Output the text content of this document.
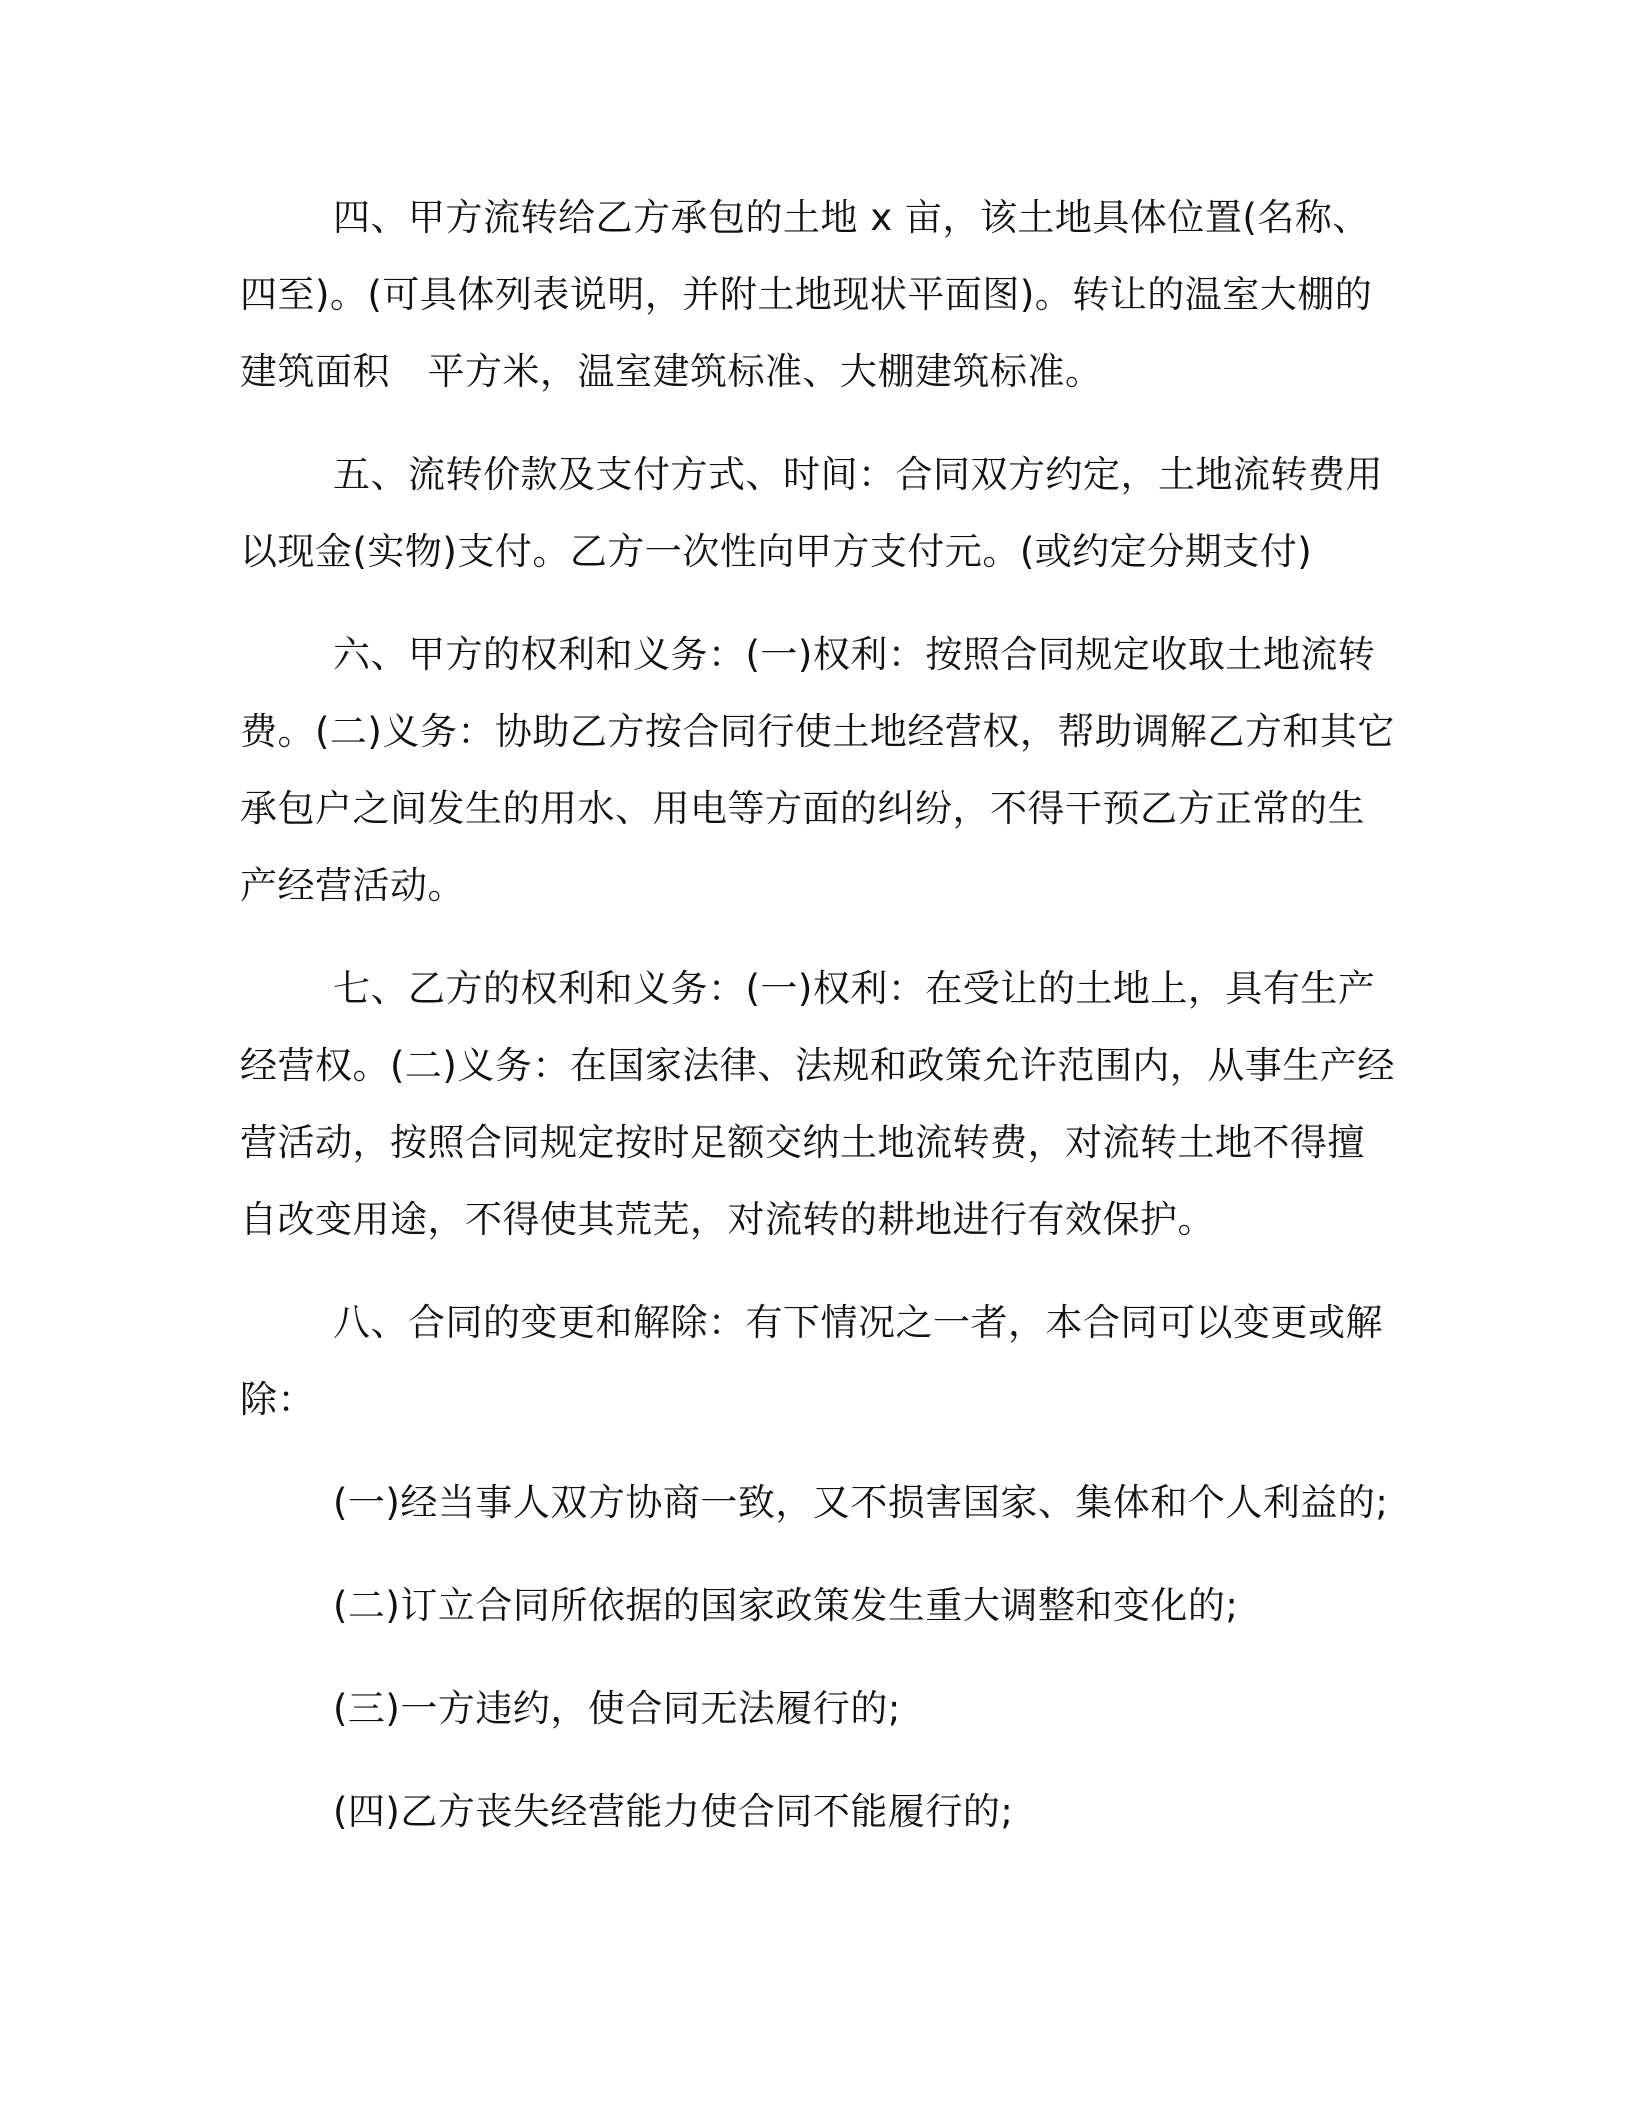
四、甲方流转给乙方承包的土地 x 亩，该土地具体位置(名称、
四至)。(可具体列表说明，并附土地现状平面图)。转让的温室大棚的
建筑面积　平方米，温室建筑标准、大棚建筑标准。
五、流转价款及支付方式、时间：合同双方约定，土地流转费用
以现金(实物)支付。乙方一次性向甲方支付元。(或约定分期支付)
六、甲方的权利和义务：(一)权利：按照合同规定收取土地流转
费。(二)义务：协助乙方按合同行使土地经营权，帮助调解乙方和其它
承包户之间发生的用水、用电等方面的纠纷，不得干预乙方正常的生
产经营活动。
七、乙方的权利和义务：(一)权利：在受让的土地上，具有生产
经营权。(二)义务：在国家法律、法规和政策允许范围内，从事生产经
营活动，按照合同规定按时足额交纳土地流转费，对流转土地不得擅
自改变用途，不得使其荒芜，对流转的耕地进行有效保护。
八、合同的变更和解除：有下情况之一者，本合同可以变更或解
除：
(一)经当事人双方协商一致，又不损害国家、集体和个人利益的;
(二)订立合同所依据的国家政策发生重大调整和变化的;
(三)一方违约，使合同无法履行的;
(四)乙方丧失经营能力使合同不能履行的;
